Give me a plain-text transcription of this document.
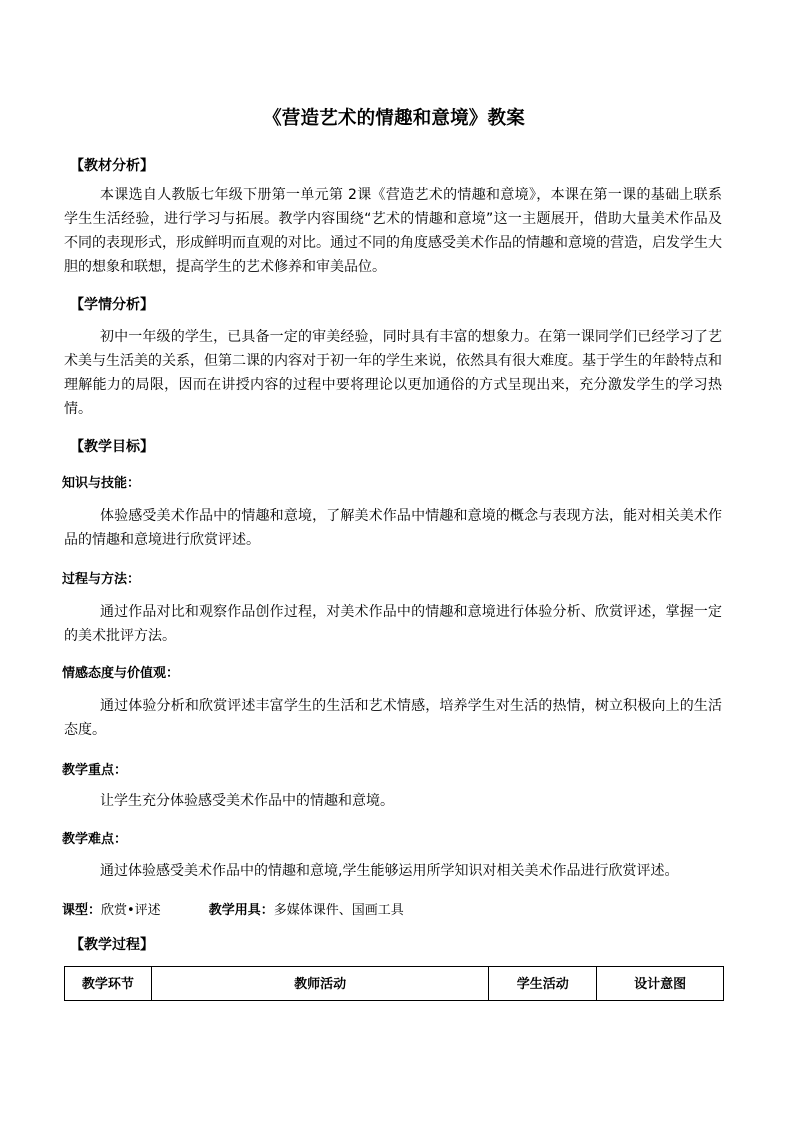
《营造艺术的情趣和意境》教案
【教材分析】
本课选自人教版七年级下册第一单元第 2课《营造艺术的情趣和意境》，本课在第一课的基础上联系学生生活经验，进行学习与拓展。教学内容围绕“艺术的情趣和意境”这一主题展开，借助大量美术作品及不同的表现形式，形成鲜明而直观的对比。通过不同的角度感受美术作品的情趣和意境的营造，启发学生大胆的想象和联想，提高学生的艺术修养和审美品位。
【学情分析】
初中一年级的学生，已具备一定的审美经验，同时具有丰富的想象力。在第一课同学们已经学习了艺术美与生活美的关系，但第二课的内容对于初一年的学生来说，依然具有很大难度。基于学生的年龄特点和理解能力的局限，因而在讲授内容的过程中要将理论以更加通俗的方式呈现出来，充分激发学生的学习热情。
【教学目标】
知识与技能：
体验感受美术作品中的情趣和意境，了解美术作品中情趣和意境的概念与表现方法，能对相关美术作品的情趣和意境进行欣赏评述。
过程与方法：
通过作品对比和观察作品创作过程，对美术作品中的情趣和意境进行体验分析、欣赏评述，掌握一定的美术批评方法。
情感态度与价值观：
通过体验分析和欣赏评述丰富学生的生活和艺术情感，培养学生对生活的热情，树立积极向上的生活态度。
教学重点：
让学生充分体验感受美术作品中的情趣和意境。
教学难点：
通过体验感受美术作品中的情趣和意境,学生能够运用所学知识对相关美术作品进行欣赏评述。
课型：欣赏•评述	教学用具：多媒体课件、国画工具
【教学过程】
教学环节	教师活动	学生活动	设计意图
